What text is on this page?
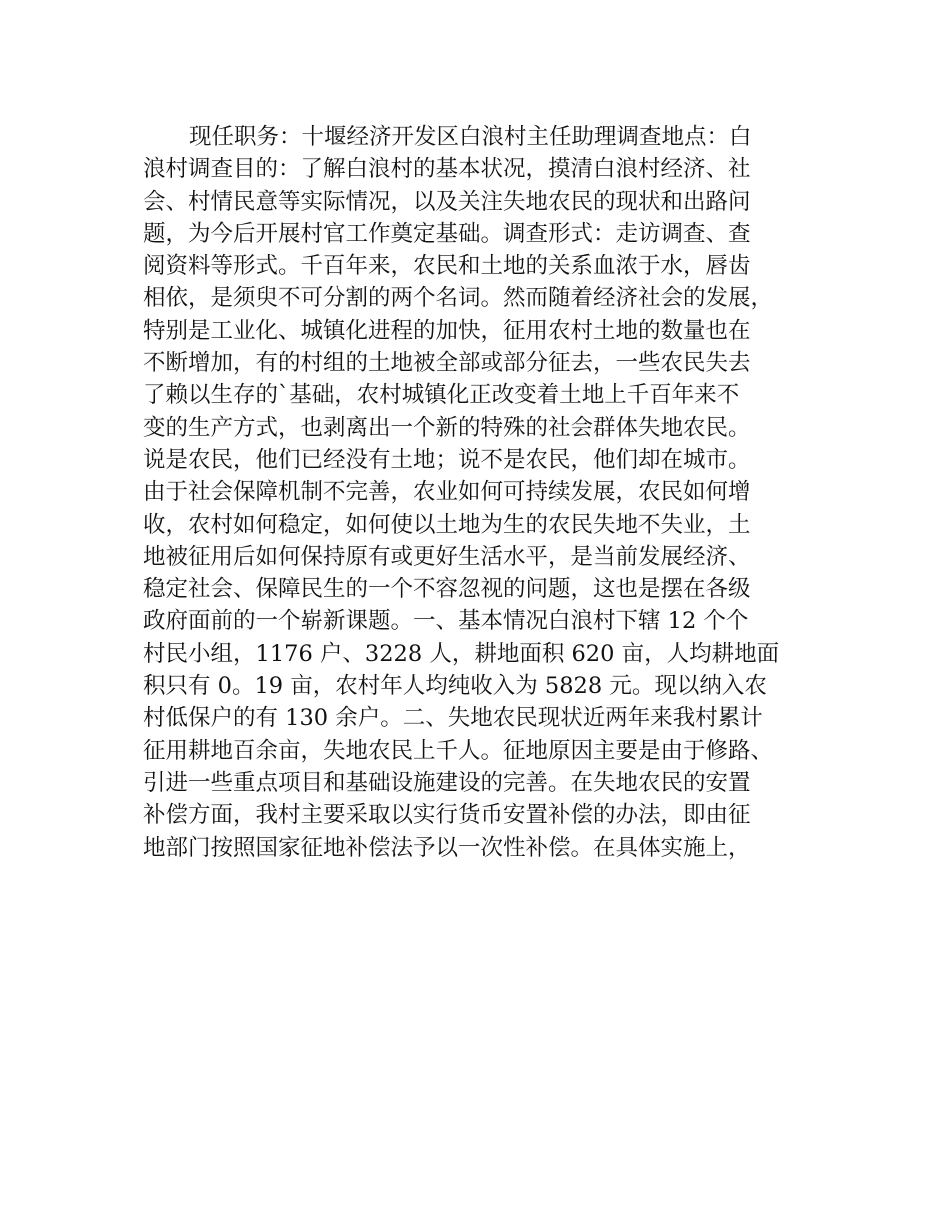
现任职务：十堰经济开发区白浪村主任助理调查地点：白
浪村调查目的：了解白浪村的基本状况，摸清白浪村经济、社
会、村情民意等实际情况，以及关注失地农民的现状和出路问
题，为今后开展村官工作奠定基础。调查形式：走访调查、查
阅资料等形式。千百年来，农民和土地的关系血浓于水，唇齿
相依，是须臾不可分割的两个名词。然而随着经济社会的发展，
特别是工业化、城镇化进程的加快，征用农村土地的数量也在
不断增加，有的村组的土地被全部或部分征去，一些农民失去
了赖以生存的`基础，农村城镇化正改变着土地上千百年来不
变的生产方式，也剥离出一个新的特殊的社会群体失地农民。
说是农民，他们已经没有土地；说不是农民，他们却在城市。
由于社会保障机制不完善，农业如何可持续发展，农民如何增
收，农村如何稳定，如何使以土地为生的农民失地不失业，土
地被征用后如何保持原有或更好生活水平，是当前发展经济、
稳定社会、保障民生的一个不容忽视的问题，这也是摆在各级
政府面前的一个崭新课题。一、基本情况白浪村下辖 12 个个
村民小组，1176 户、3228 人，耕地面积 620 亩，人均耕地面
积只有 0。19 亩，农村年人均纯收入为 5828 元。现以纳入农
村低保户的有 130 余户。二、失地农民现状近两年来我村累计
征用耕地百余亩，失地农民上千人。征地原因主要是由于修路、
引进一些重点项目和基础设施建设的完善。在失地农民的安置
补偿方面，我村主要采取以实行货币安置补偿的办法，即由征
地部门按照国家征地补偿法予以一次性补偿。在具体实施上，
